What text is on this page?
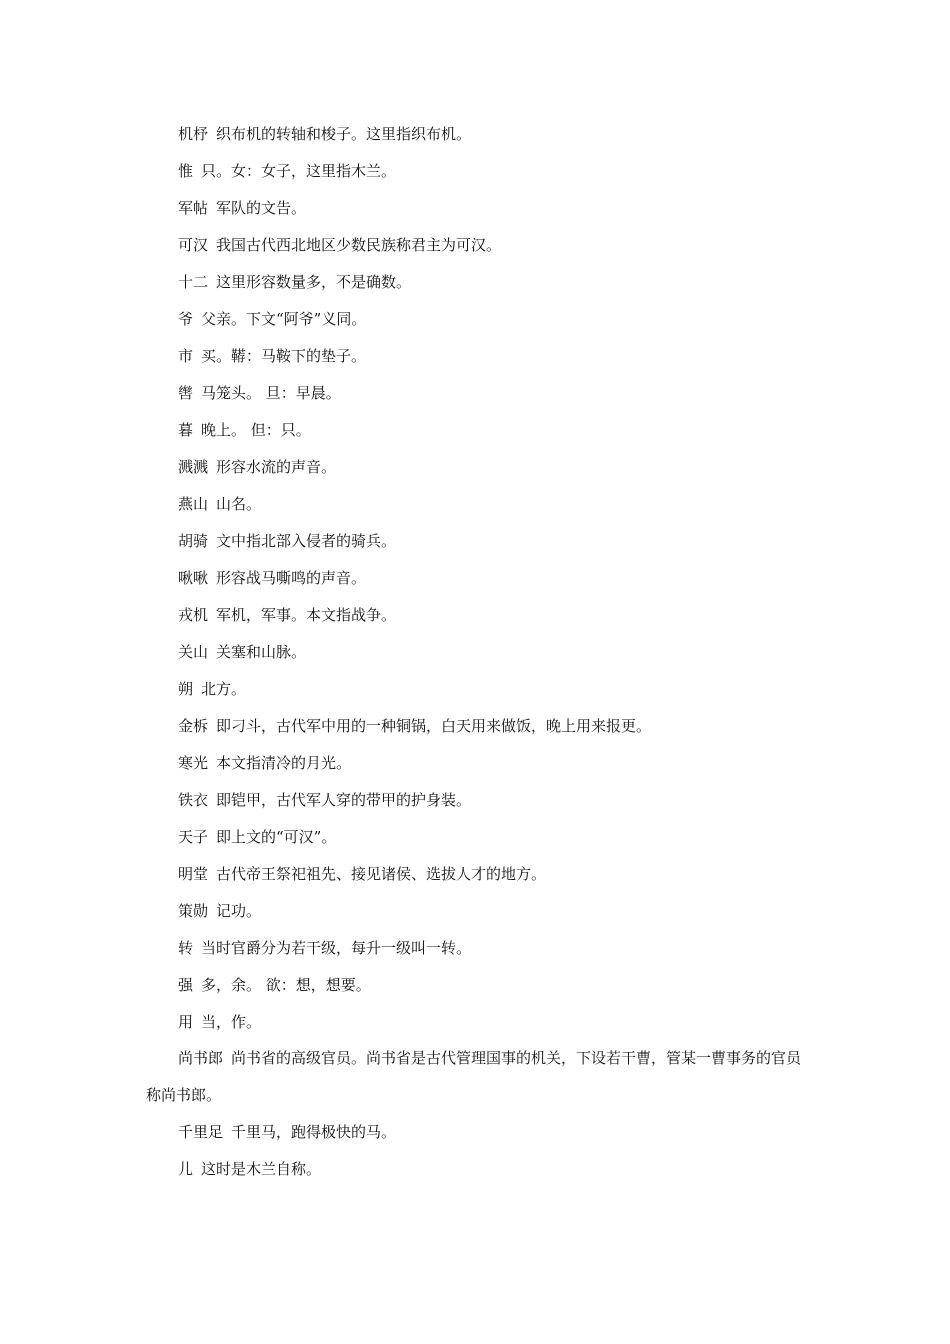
机杼 织布机的转轴和梭子。这里指织布机。
惟 只。女：女子，这里指木兰。
军帖 军队的文告。
可汉 我国古代西北地区少数民族称君主为可汉。
十二 这里形容数量多，不是确数。
爷 父亲。下文“阿爷”义同。
市 买。鞯：马鞍下的垫子。
辔 马笼头。 旦：早晨。
暮 晚上。 但：只。
溅溅 形容水流的声音。
燕山 山名。
胡骑 文中指北部入侵者的骑兵。
啾啾 形容战马嘶鸣的声音。
戎机 军机，军事。本文指战争。
关山 关塞和山脉。
朔 北方。
金柝 即刁斗，古代军中用的一种铜锅，白天用来做饭，晚上用来报更。
寒光 本文指清冷的月光。
铁衣 即铠甲，古代军人穿的带甲的护身装。
天子 即上文的“可汉”。
明堂 古代帝王祭祀祖先、接见诸侯、选拔人才的地方。
策勋 记功。
转 当时官爵分为若干级，每升一级叫一转。
强 多，余。 欲：想，想要。
用 当，作。
尚书郎 尚书省的高级官员。尚书省是古代管理国事的机关，下设若干曹，管某一曹事务的官员称尚书郎。
千里足 千里马，跑得极快的马。
儿 这时是木兰自称。
